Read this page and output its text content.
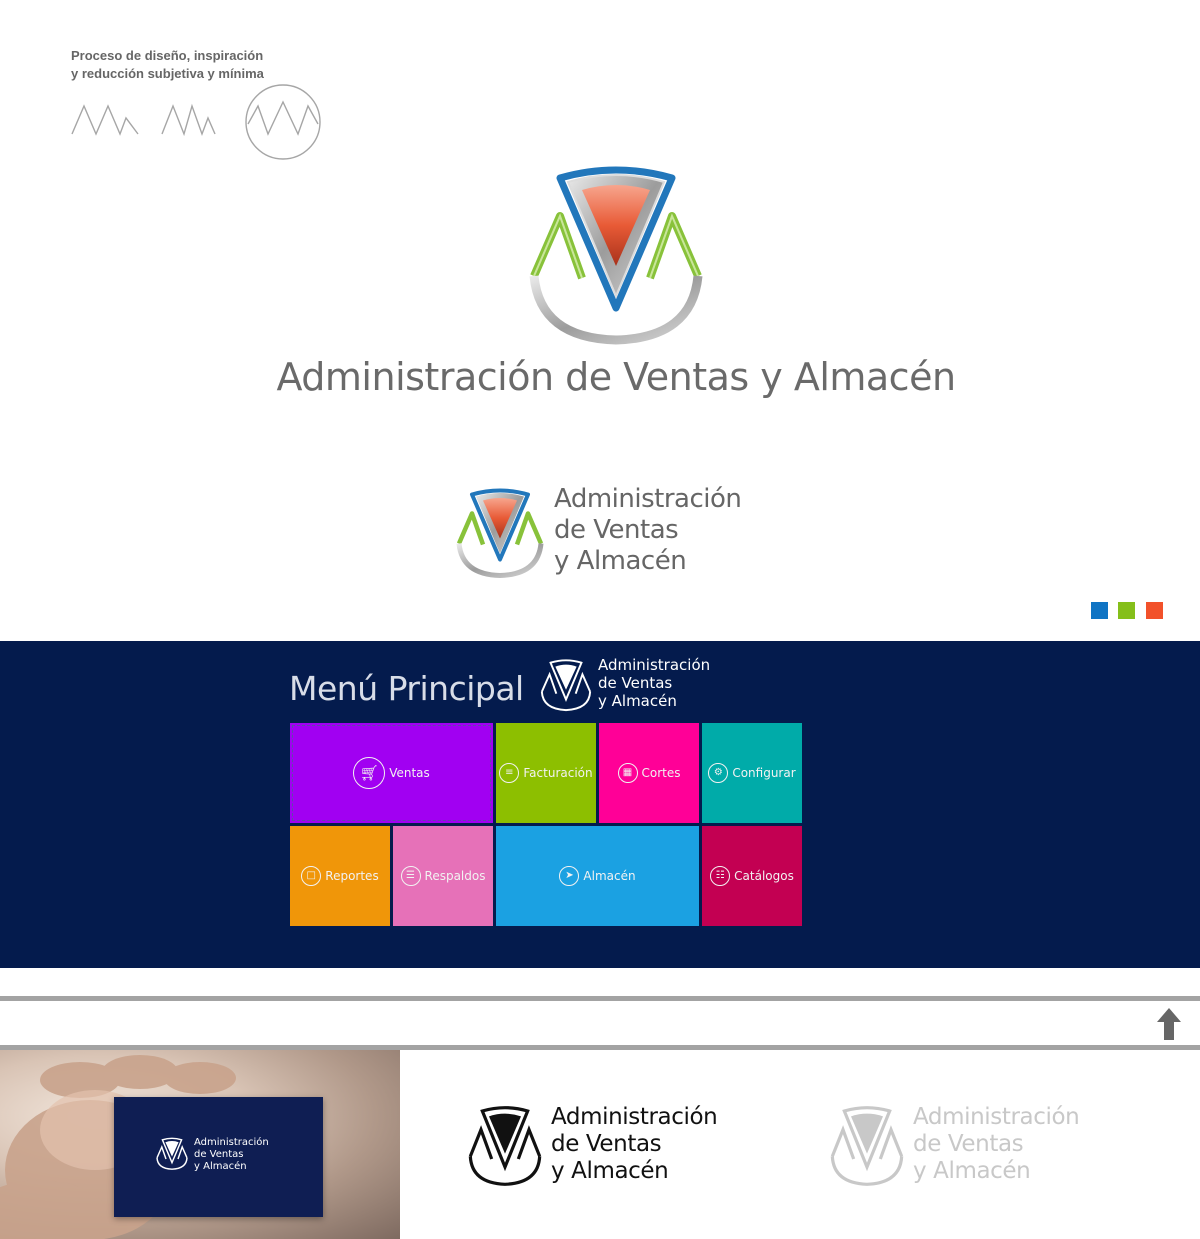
Proceso de diseño, inspiración
y reducción subjetiva y mínima
Administración de Ventas y Almacén
Administración
de Ventas
y Almacén
Menú Principal
Administración
de Ventas
y Almacén
🛒︎ Ventas	≡ Facturación	▦ Cortes	⚙ Configurar
□ Reportes	☰ Respaldos	➤ Almacén	☷ Catálogos
Administración
de Ventas
y Almacén
Administración
de Ventas
y Almacén
Administración
de Ventas
y Almacén
